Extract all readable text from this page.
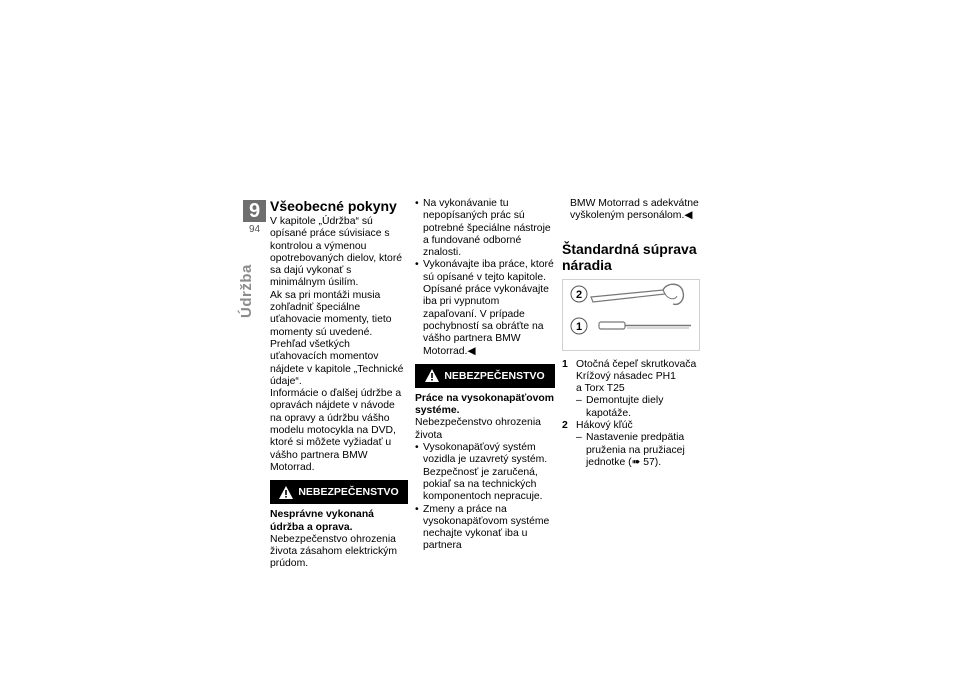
9
94
Údržba
Všeobecné pokyny

V kapitole „Údržba“ sú opísané práce súvisiace s kontrolou a výmenou opotrebovaných dielov, ktoré sa dajú vykonať s minimálnym úsilím.

Ak sa pri montáži musia zohľadniť špeciálne uťahovacie momenty, tieto momenty sú uvedené. Prehľad všetkých uťahovacích momentov nájdete v kapitole „Technické údaje“.

Informácie o ďalšej údržbe a opravách nájdete v návode na opravy a údržbu vášho modelu motocykla na DVD, ktoré si môžete vyžiadať u vášho partnera BMW Motorrad.

NEBEZPEČENSTVO

Nesprávne vykonaná údržba a oprava.

Nebezpečenstvo ohrozenia života zásahom elektrickým prúdom.

• Na vykonávanie tu nepopísaných prác sú potrebné špeciálne nástroje a fundované odborné znalosti.
• Vykonávajte iba práce, ktoré sú opísané v tejto kapitole. Opísané práce vykonávajte iba pri vypnutom zapaľovaní. V prípade pochybností sa obráťte na vášho partnera BMW Motorrad.◀
NEBEZPEČENSTVO

Práce na vysokonapäťovom systéme.

Nebezpečenstvo ohrozenia života

• Vysokonapäťový systém vozidla je uzavretý systém. Bezpečnosť je zaručená, pokiaľ sa na technických komponentoch nepracuje.
• Zmeny a práce na vysokonapäťovom systéme nechajte vykonať iba u partnera

BMW Motorrad s adekvátne vyškoleným personálom.◀

Štandardná súprava náradia
2
1
1 Otočná čepeľ skrutkovača
Krížový násadec PH1
a Torx T25
– Demontujte diely kapotáže.
2 Hákový kľúč
– Nastavenie predpätia pruženia na pružiacej jednotke (➠ 57).
